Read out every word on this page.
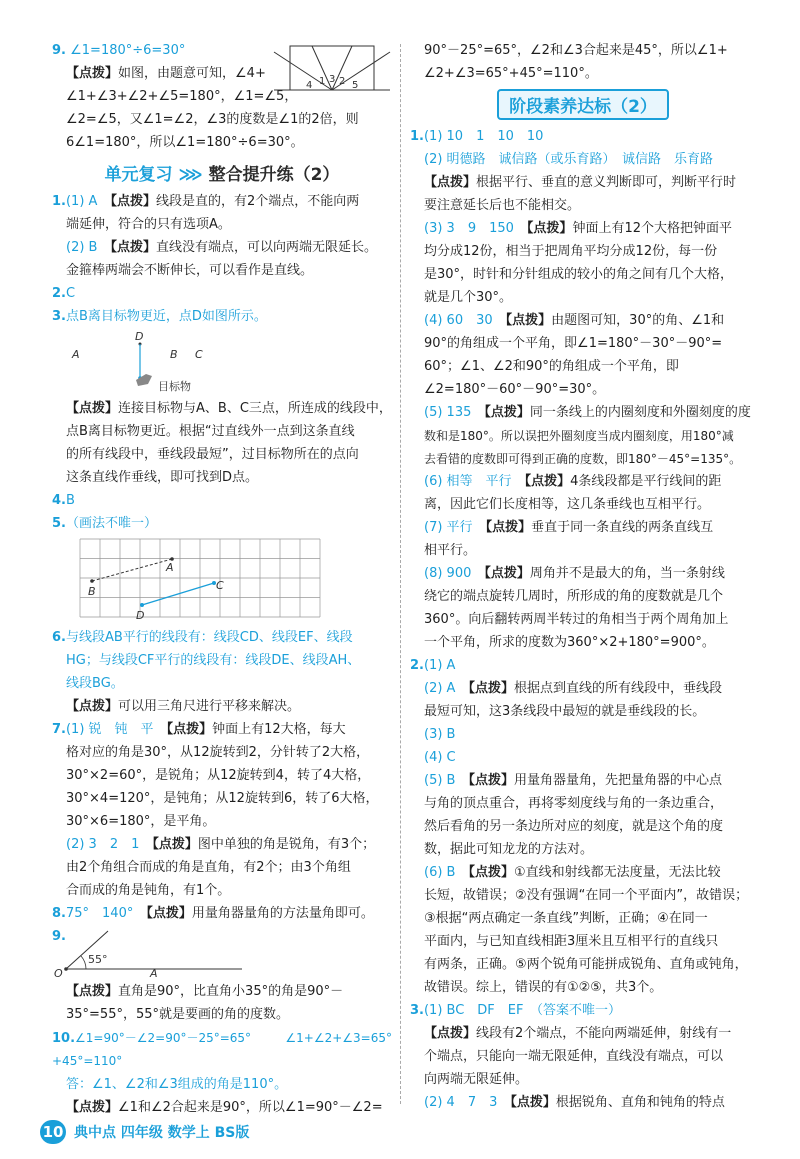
9. ∠1=180°÷6=30°

4 1 3 2 5

【点拨】如图，由题意可知，∠4+

∠1+∠3+∠2+∠5=180°，∠1=∠5，

∠2=∠5，又∠1=∠2，∠3的度数是∠1的2倍，则

6∠1=180°，所以∠1=180°÷6=30°。

单元复习 ⋙ 整合提升练（2）

1.(1) A　 【点拨】线段是直的，有2个端点，不能向两

端延伸，符合的只有选项A。

(2) B　 【点拨】直线没有端点，可以向两端无限延长。

金箍棒两端会不断伸长，可以看作是直线。

2.C

3.点B离目标物更近，点D如图所示。

D
A	B C
目标物

【点拨】连接目标物与A、B、C三点，所连成的线段中，

点B离目标物更近。根据“过直线外一点到这条直线

的所有线段中，垂线段最短”，过目标物所在的点向

这条直线作垂线，即可找到D点。

4.B

5.（画法不唯一）

A
B	C
D

6.与线段AB平行的线段有：线段CD、线段EF、线段

HG；与线段CF平行的线段有：线段DE、线段AH、

线段BG。

【点拨】可以用三角尺进行平移来解决。

7.(1) 锐　钝　平　 【点拨】钟面上有12大格，每大

格对应的角是30°，从12旋转到2，分针转了2大格，

30°×2=60°，是锐角；从12旋转到4，转了4大格，

30°×4=120°，是钝角；从12旋转到6，转了6大格，

30°×6=180°，是平角。

(2) 3　2　1　 【点拨】图中单独的角是锐角，有3个；

由2个角组合而成的角是直角，有2个；由3个角组

合而成的角是钝角，有1个。

8.75°　140°　 【点拨】用量角器量角的方法量角即可。

9.

55°
O	A

【点拨】直角是90°，比直角小35°的角是90°－

35°=55°，55°就是要画的角的度数。

10.∠1=90°－∠2=90°－25°=65°　∠1+∠2+∠3=65°+45°=110°

答：∠1、∠2和∠3组成的角是110°。

【点拨】∠1和∠2合起来是90°，所以∠1=90°－∠2=

90°－25°=65°，∠2和∠3合起来是45°，所以∠1+

∠2+∠3=65°+45°=110°。

阶段素养达标（2）

1.(1) 10　1　10　10

(2) 明德路　诚信路（或乐育路）　诚信路　乐育路

【点拨】根据平行、垂直的意义判断即可，判断平行时

要注意延长后也不能相交。

(3) 3　9　150　 【点拨】钟面上有12个大格把钟面平

均分成12份，相当于把周角平均分成12份，每一份

是30°，时针和分针组成的较小的角之间有几个大格，

就是几个30°。

(4) 60　30　 【点拨】由题图可知，30°的角、∠1和

90°的角组成一个平角，即∠1=180°－30°－90°=

60°；∠1、∠2和90°的角组成一个平角，即

∠2=180°－60°－90°=30°。

(5) 135　 【点拨】同一条线上的内圈刻度和外圈刻度的度

数和是180°。所以误把外圈刻度当成内圈刻度，用180°减

去看错的度数即可得到正确的度数，即180°－45°=135°。

(6) 相等　平行　 【点拨】4条线段都是平行线间的距

离，因此它们长度相等，这几条垂线也互相平行。

(7) 平行　 【点拨】垂直于同一条直线的两条直线互

相平行。

(8) 900　 【点拨】周角并不是最大的角，当一条射线

绕它的端点旋转几周时，所形成的角的度数就是几个

360°。向后翻转两周半转过的角相当于两个周角加上

一个平角，所求的度数为360°×2+180°=900°。

2.(1) A

(2) A　 【点拨】根据点到直线的所有线段中，垂线段

最短可知，这3条线段中最短的就是垂线段的长。

(3) B

(4) C

(5) B　 【点拨】用量角器量角，先把量角器的中心点

与角的顶点重合，再将零刻度线与角的一条边重合，

然后看角的另一条边所对应的刻度，就是这个角的度

数，据此可知龙龙的方法对。

(6) B　 【点拨】①直线和射线都无法度量，无法比较

长短，故错误；②没有强调“在同一个平面内”，故错误；

③根据“两点确定一条直线”判断，正确；④在同一

平面内，与已知直线相距3厘米且互相平行的直线只

有两条，正确。⑤两个锐角可能拼成锐角、直角或钝角，

故错误。综上，错误的有①②⑤，共3个。

3.(1) BC　DF　EF　（答案不唯一）

【点拨】线段有2个端点，不能向两端延伸，射线有一

个端点，只能向一端无限延伸，直线没有端点，可以

向两端无限延伸。

(2) 4　7　3　 【点拨】根据锐角、直角和钝角的特点

10 典中点 四年级 数学上 BS版
